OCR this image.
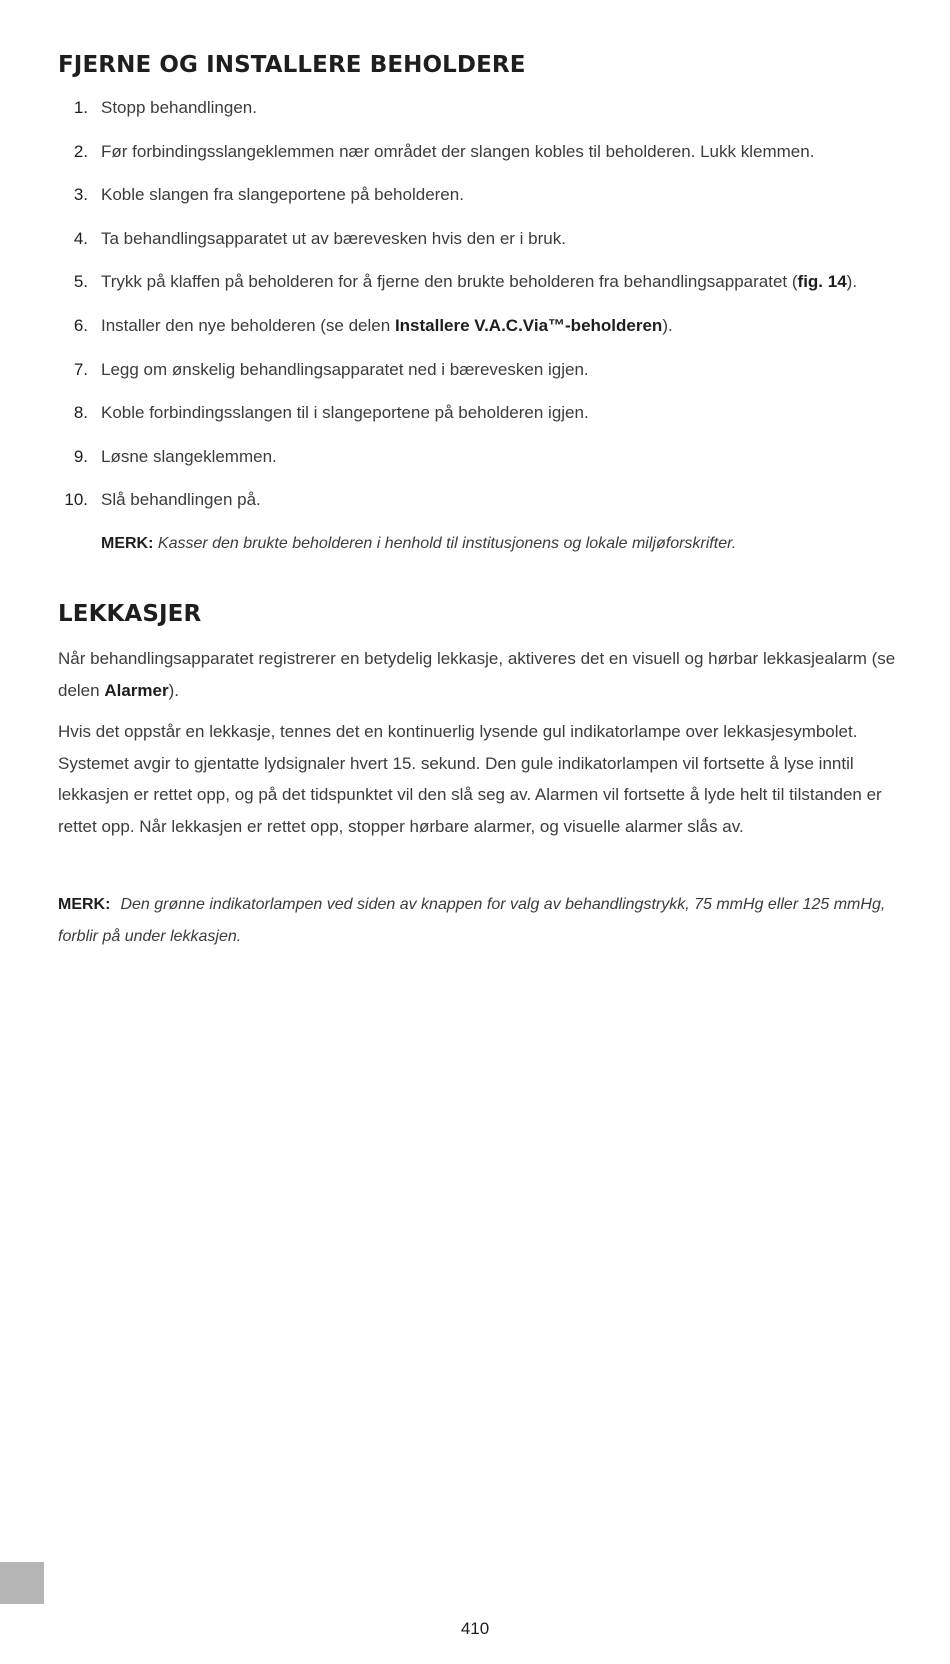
FJERNE OG INSTALLERE BEHOLDERE
1. Stopp behandlingen.
2. Før forbindingsslangeklemmen nær området der slangen kobles til beholderen. Lukk klemmen.
3. Koble slangen fra slangeportene på beholderen.
4. Ta behandlingsapparatet ut av bærevesken hvis den er i bruk.
5. Trykk på klaffen på beholderen for å fjerne den brukte beholderen fra behandlingsapparatet (fig. 14).
6. Installer den nye beholderen (se delen Installere V.A.C.Via™-beholderen).
7. Legg om ønskelig behandlingsapparatet ned i bærevesken igjen.
8. Koble forbindingsslangen til i slangeportene på beholderen igjen.
9. Løsne slangeklemmen.
10. Slå behandlingen på.
MERK: Kasser den brukte beholderen i henhold til institusjonens og lokale miljøforskrifter.
LEKKASJER

Når behandlingsapparatet registrerer en betydelig lekkasje, aktiveres det en visuell og hørbar lekkasjealarm (se delen Alarmer).

Hvis det oppstår en lekkasje, tennes det en kontinuerlig lysende gul indikatorlampe over lekkasjesymbolet. Systemet avgir to gjentatte lydsignaler hvert 15. sekund. Den gule indikatorlampen vil fortsette å lyse inntil lekkasjen er rettet opp, og på det tidspunktet vil den slå seg av. Alarmen vil fortsette å lyde helt til tilstanden er rettet opp. Når lekkasjen er rettet opp, stopper hørbare alarmer, og visuelle alarmer slås av.

MERK: Den grønne indikatorlampen ved siden av knappen for valg av behandlingstrykk, 75 mmHg eller 125 mmHg, forblir på under lekkasjen.
410
